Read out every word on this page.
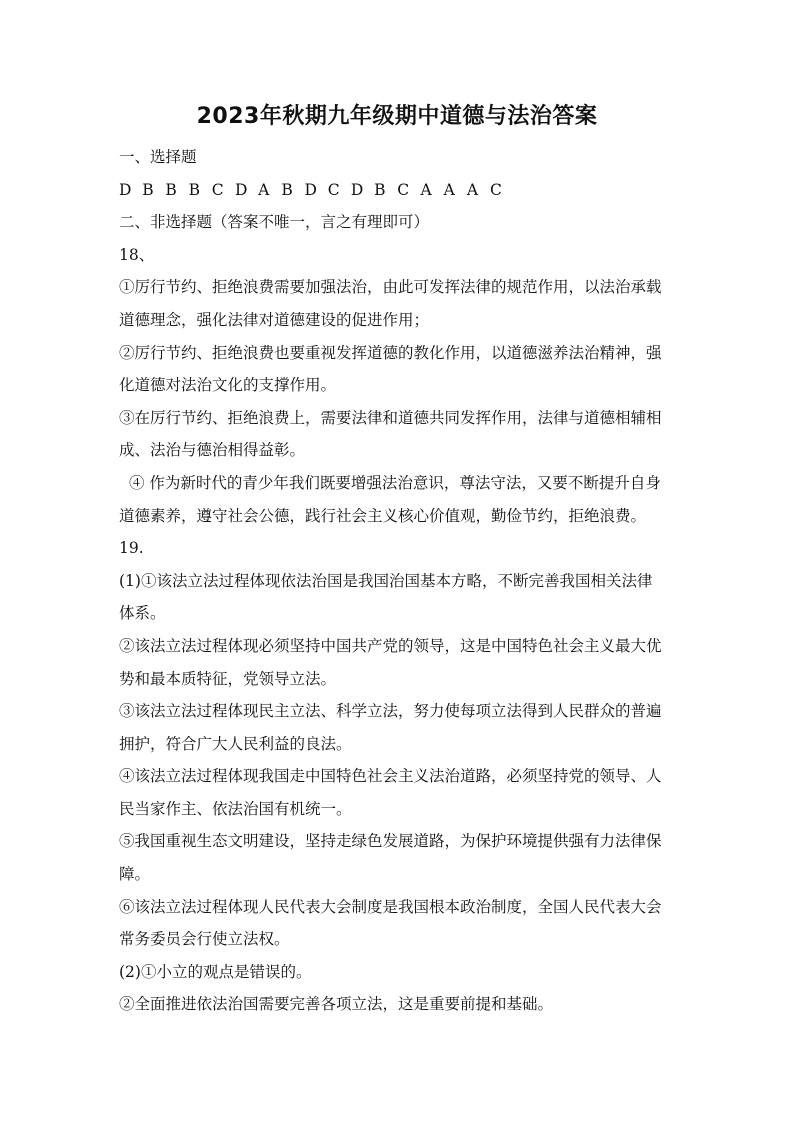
2023年秋期九年级期中道德与法治答案
一、选择题
D B B B C D A B D C D B C A A A C
二、非选择题（答案不唯一，言之有理即可）
18、
①厉行节约、拒绝浪费需要加强法治，由此可发挥法律的规范作用，以法治承载
道德理念，强化法律对道德建设的促进作用；
②厉行节约、拒绝浪费也要重视发挥道德的教化作用，以道德滋养法治精神，强
化道德对法治文化的支撑作用。
③在厉行节约、拒绝浪费上，需要法律和道德共同发挥作用，法律与道德相辅相
成、法治与德治相得益彰。
④ 作为新时代的青少年我们既要增强法治意识，尊法守法，又要不断提升自身
道德素养，遵守社会公德，践行社会主义核心价值观，勤俭节约，拒绝浪费。
19.
(1)①该法立法过程体现依法治国是我国治国基本方略，不断完善我国相关法律
体系。
②该法立法过程体现必须坚持中国共产党的领导，这是中国特色社会主义最大优
势和最本质特征，党领导立法。
③该法立法过程体现民主立法、科学立法，努力使每项立法得到人民群众的普遍
拥护，符合广大人民利益的良法。
④该法立法过程体现我国走中国特色社会主义法治道路，必须坚持党的领导、人
民当家作主、依法治国有机统一。
⑤我国重视生态文明建设，坚持走绿色发展道路，为保护环境提供强有力法律保
障。
⑥该法立法过程体现人民代表大会制度是我国根本政治制度，全国人民代表大会
常务委员会行使立法权。
(2)①小立的观点是错误的。
②全面推进依法治国需要完善各项立法，这是重要前提和基础。
